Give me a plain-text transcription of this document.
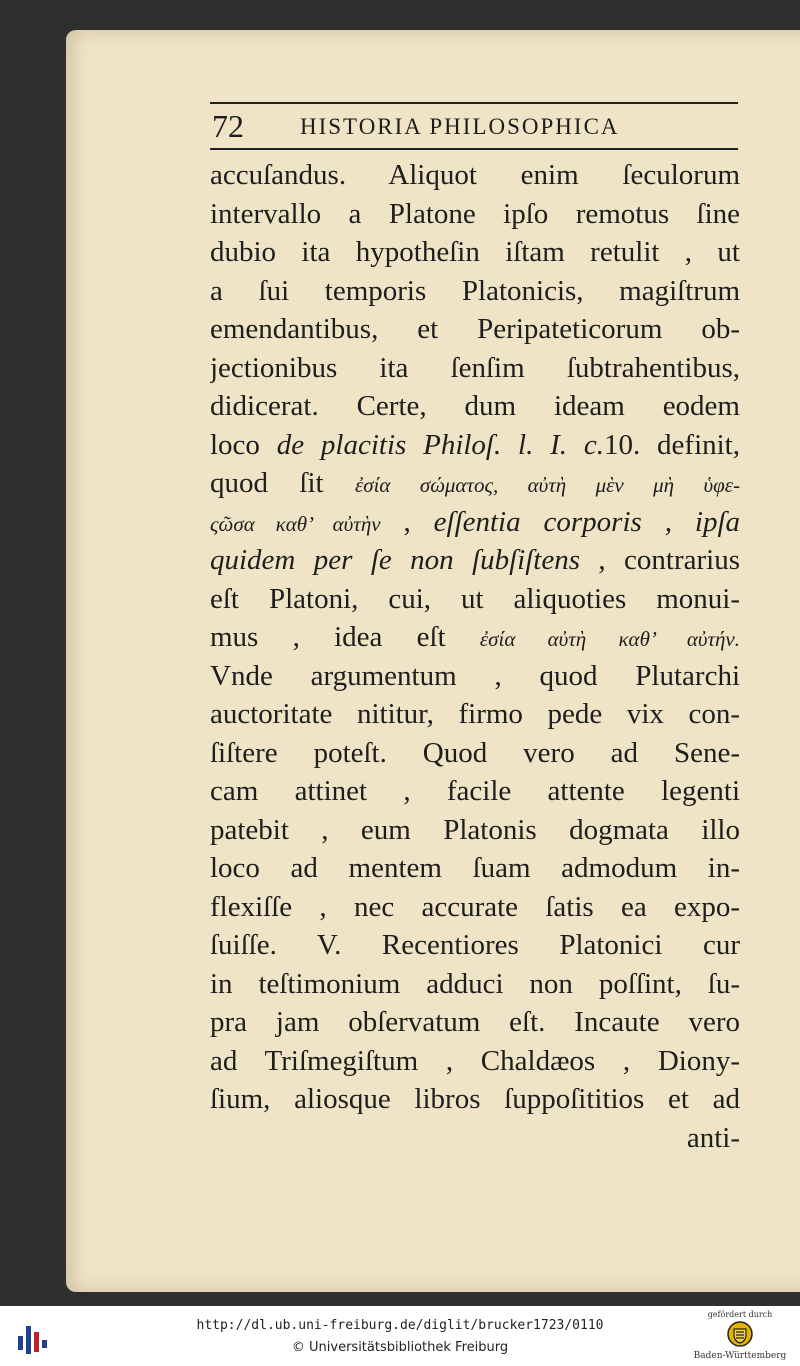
72 HISTORIA PHILOSOPHICA
accuſandus. Aliquot enim ſeculorum
intervallo a Platone ipſo remotus ſine
dubio ita hypotheſin iſtam retulit , ut
a ſui temporis Platonicis, magiſtrum
emendantibus, et Peripateticorum ob-
jectionibus ita ſenſim ſubtrahentibus,
didicerat. Certe, dum ideam eodem
loco de placitis Philoſ. l. I. c.10. definit,
quod ſit ἐσία σώματος, αὐτὴ μὲν μὴ ὑφε-
ςῶσα καθ’ αὐτὴν , eſſentia corporis , ipſa
quidem per ſe non ſubſiſtens , contrarius
eſt Platoni, cui, ut aliquoties monui-
mus , idea eſt ἐσία αὐτὴ καθ’ αὐτήν.
Vnde argumentum , quod Plutarchi
auctoritate nititur, firmo pede vix con-
ſiſtere poteſt. Quod vero ad Sene-
cam attinet , facile attente legenti
patebit , eum Platonis dogmata illo
loco ad mentem ſuam admodum in-
flexiſſe , nec accurate ſatis ea expo-
ſuiſſe. V. Recentiores Platonici cur
in teſtimonium adduci non poſſint, ſu-
pra jam obſervatum eſt. Incaute vero
ad Triſmegiſtum , Chaldæos , Diony-
ſium, aliosque libros ſuppoſititios et ad
anti-
http://dl.ub.uni-freiburg.de/diglit/brucker1723/0110
© Universitätsbibliothek Freiburg
gefördert durch
Baden-Württemberg
